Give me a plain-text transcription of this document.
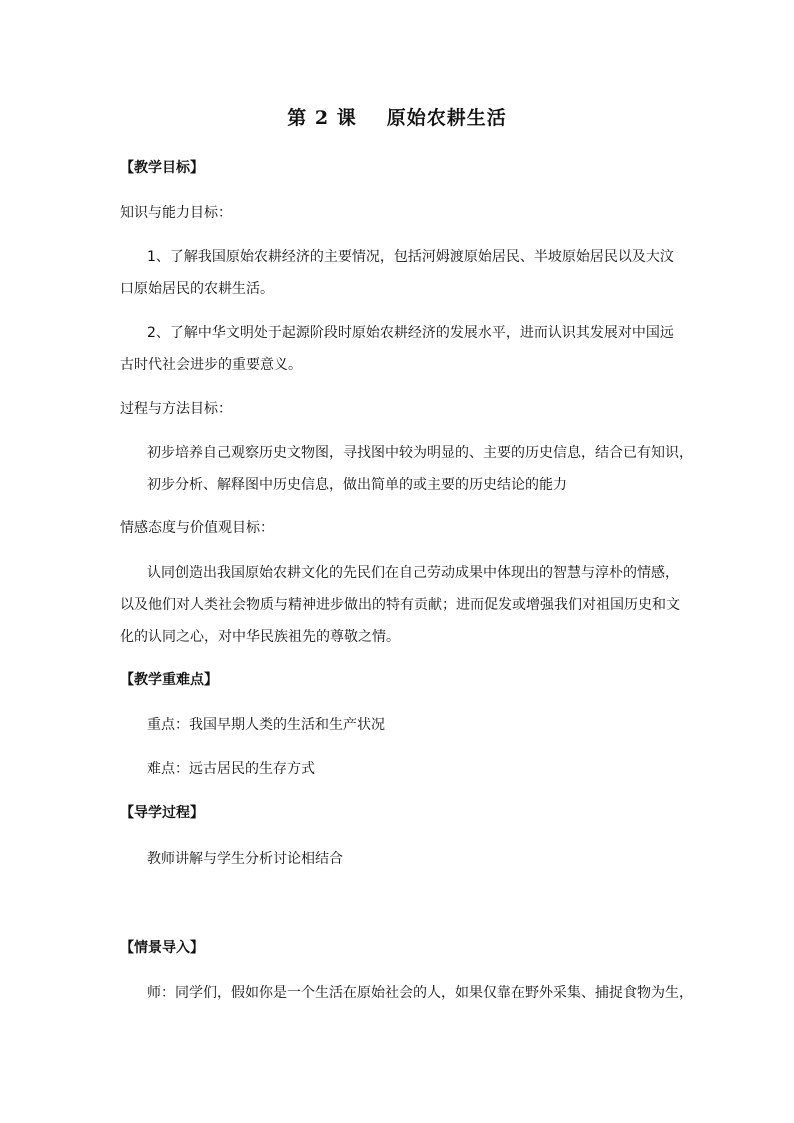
第 2 课 原始农耕生活
【教学目标】
知识与能力目标：
1、了解我国原始农耕经济的主要情况，包括河姆渡原始居民、半坡原始居民以及大汶
口原始居民的农耕生活。
2、了解中华文明处于起源阶段时原始农耕经济的发展水平，进而认识其发展对中国远
古时代社会进步的重要意义。
过程与方法目标：
初步培养自己观察历史文物图，寻找图中较为明显的、主要的历史信息，结合已有知识，
初步分析、解释图中历史信息，做出简单的或主要的历史结论的能力
情感态度与价值观目标：
认同创造出我国原始农耕文化的先民们在自己劳动成果中体现出的智慧与淳朴的情感，
以及他们对人类社会物质与精神进步做出的特有贡献；进而促发或增强我们对祖国历史和文
化的认同之心，对中华民族祖先的尊敬之情。
【教学重难点】
重点：我国早期人类的生活和生产状况
难点：远古居民的生存方式
【导学过程】
教师讲解与学生分析讨论相结合
【情景导入】
师：同学们，假如你是一个生活在原始社会的人，如果仅靠在野外采集、捕捉食物为生，
